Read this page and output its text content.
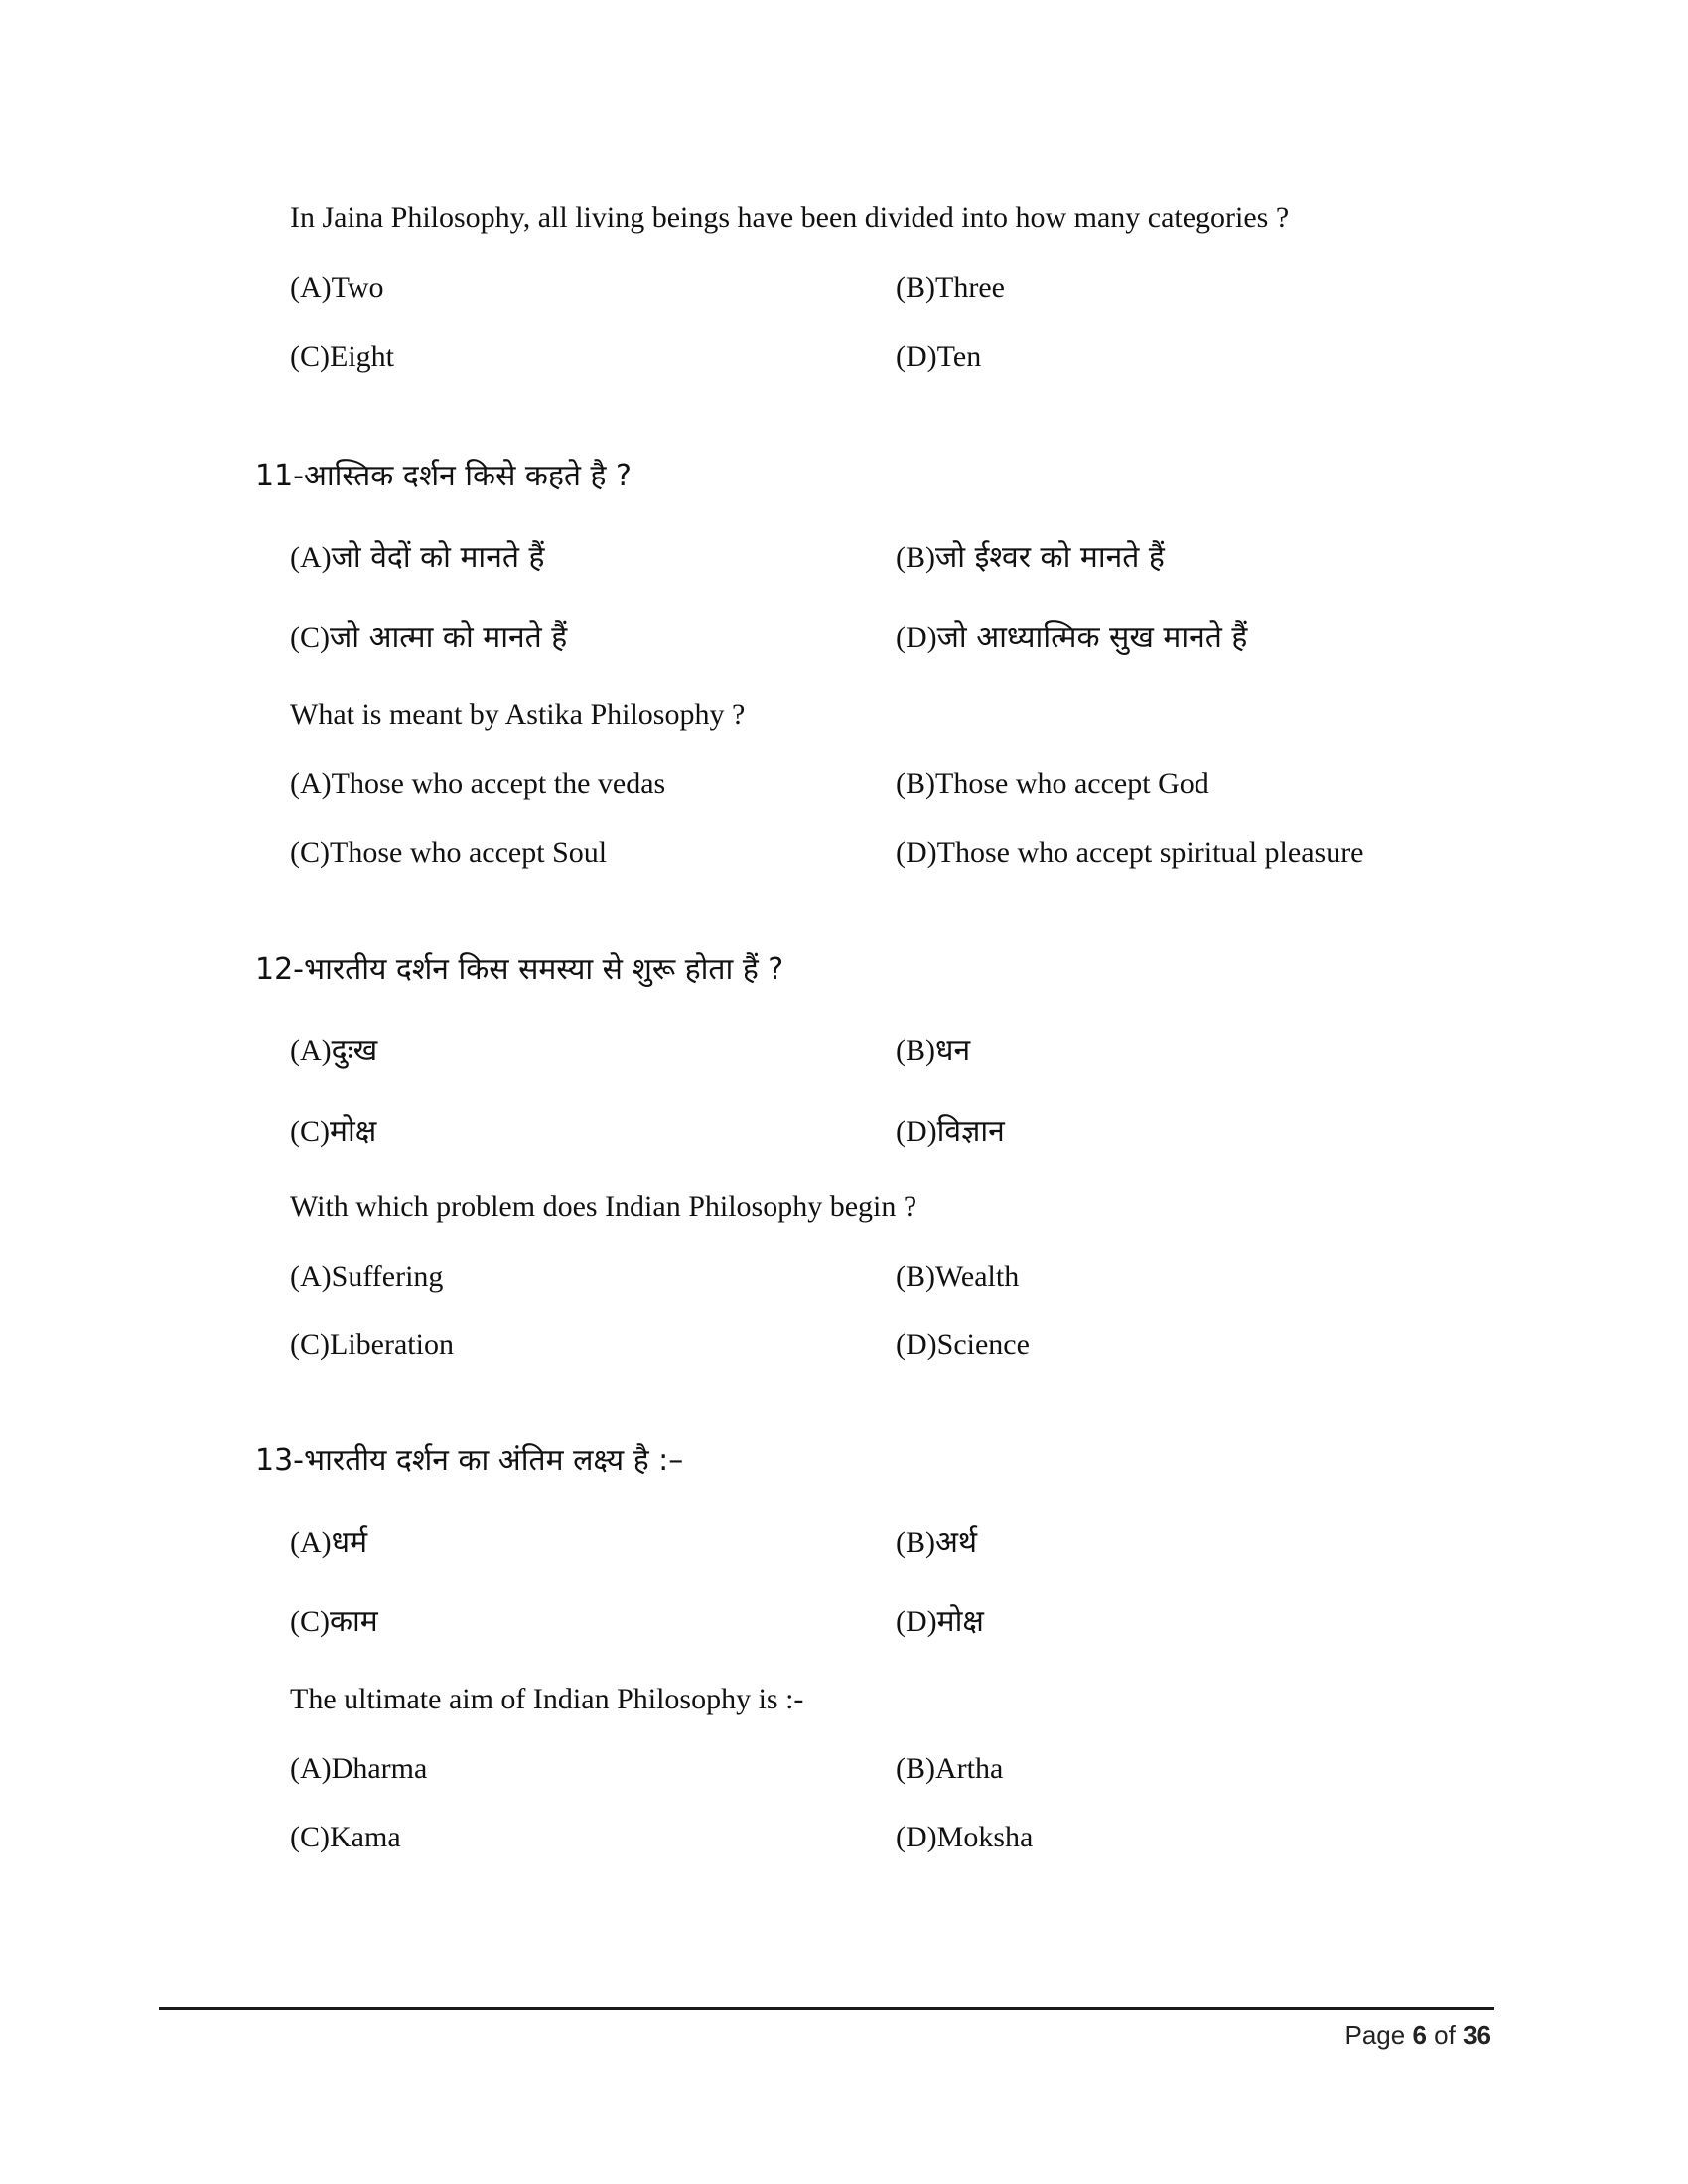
In Jaina Philosophy, all living beings have been divided into how many categories ?
(A)Two	(B)Three
(C)Eight	(D)Ten
11-आस्तिक दर्शन किसे कहते है ?
(A)जो वेदों को मानते हैं	(B)जो ईश्वर को मानते हैं
(C)जो आत्मा को मानते हैं	(D)जो आध्यात्मिक सुख मानते हैं
What is meant by Astika Philosophy ?
(A)Those who accept the vedas	(B)Those who accept God
(C)Those who accept Soul	(D)Those who accept spiritual pleasure
12-भारतीय दर्शन किस समस्या से शुरू होता हैं ?
(A)दुःख	(B)धन
(C)मोक्ष	(D)विज्ञान
With which problem does Indian Philosophy begin ?
(A)Suffering	(B)Wealth
(C)Liberation	(D)Science
13-भारतीय दर्शन का अंतिम लक्ष्य है :–
(A)धर्म	(B)अर्थ
(C)काम	(D)मोक्ष
The ultimate aim of Indian Philosophy is :-
(A)Dharma	(B)Artha
(C)Kama	(D)Moksha
Page 6 of 36
